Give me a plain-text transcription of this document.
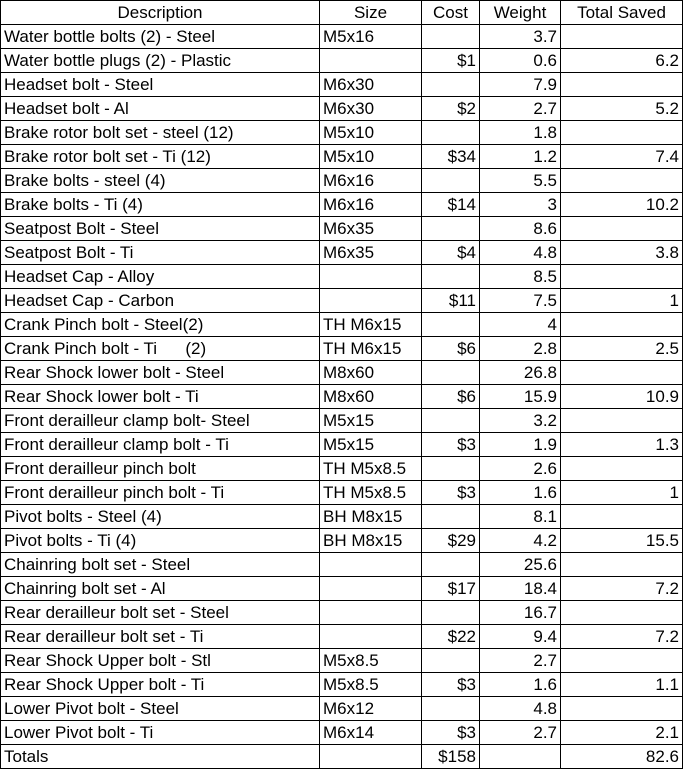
Description	Size	Cost	Weight	Total Saved
Water bottle bolts (2) - Steel	M5x16		3.7	
Water bottle plugs (2) - Plastic		$1	0.6	6.2
Headset bolt - Steel	M6x30		7.9	
Headset bolt - Al	M6x30	$2	2.7	5.2
Brake rotor bolt set - steel (12)	M5x10		1.8	
Brake rotor bolt set - Ti (12)	M5x10	$34	1.2	7.4
Brake bolts - steel (4)	M6x16		5.5	
Brake bolts - Ti (4)	M6x16	$14	3	10.2
Seatpost Bolt - Steel	M6x35		8.6	
Seatpost Bolt - Ti	M6x35	$4	4.8	3.8
Headset Cap - Alloy			8.5	
Headset Cap - Carbon		$11	7.5	1
Crank Pinch bolt - Steel(2)	TH M6x15		4	
Crank Pinch bolt - Ti      (2)	TH M6x15	$6	2.8	2.5
Rear Shock lower bolt - Steel	M8x60		26.8	
Rear Shock lower bolt - Ti	M8x60	$6	15.9	10.9
Front derailleur clamp bolt- Steel	M5x15		3.2	
Front derailleur clamp bolt - Ti	M5x15	$3	1.9	1.3
Front derailleur pinch bolt	TH M5x8.5		2.6	
Front derailleur pinch bolt - Ti	TH M5x8.5	$3	1.6	1
Pivot bolts - Steel (4)	BH M8x15		8.1	
Pivot bolts - Ti (4)	BH M8x15	$29	4.2	15.5
Chainring bolt set - Steel			25.6	
Chainring bolt set - Al		$17	18.4	7.2
Rear derailleur bolt set - Steel			16.7	
Rear derailleur bolt set - Ti		$22	9.4	7.2
Rear Shock Upper bolt - Stl	M5x8.5		2.7	
Rear Shock Upper bolt - Ti	M5x8.5	$3	1.6	1.1
Lower Pivot bolt - Steel	M6x12		4.8	
Lower Pivot bolt - Ti	M6x14	$3	2.7	2.1
Totals		$158		82.6
